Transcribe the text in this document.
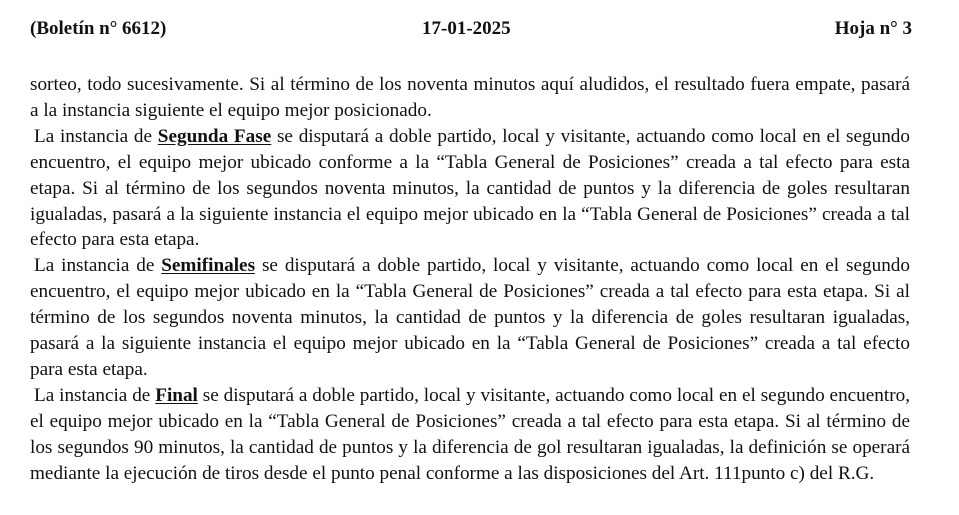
(Boletín n° 6612)	17-01-2025	Hoja n° 3

sorteo, todo sucesivamente. Si al término de los noventa minutos aquí aludidos, el resultado fuera empate, pasará a la instancia siguiente el equipo mejor posicionado.

La instancia de Segunda Fase se disputará a doble partido, local y visitante, actuando como local en el segundo encuentro, el equipo mejor ubicado conforme a la “Tabla General de Posiciones” creada a tal efecto para esta etapa. Si al término de los segundos noventa minutos, la cantidad de puntos y la diferencia de goles resultaran igualadas, pasará a la siguiente instancia el equipo mejor ubicado en la “Tabla General de Posiciones” creada a tal efecto para esta etapa.

La instancia de Semifinales se disputará a doble partido, local y visitante, actuando como local en el segundo encuentro, el equipo mejor ubicado en la “Tabla General de Posiciones” creada a tal efecto para esta etapa. Si al término de los segundos noventa minutos, la cantidad de puntos y la diferencia de goles resultaran igualadas, pasará a la siguiente instancia el equipo mejor ubicado en la “Tabla General de Posiciones” creada a tal efecto para esta etapa.

La instancia de Final se disputará a doble partido, local y visitante, actuando como local en el segundo encuentro, el equipo mejor ubicado en la “Tabla General de Posiciones” creada a tal efecto para esta etapa. Si al término de los segundos 90 minutos, la cantidad de puntos y la diferencia de gol resultaran igualadas, la definición se operará mediante la ejecución de tiros desde el punto penal conforme a las disposiciones del Art. 111punto c) del R.G.
